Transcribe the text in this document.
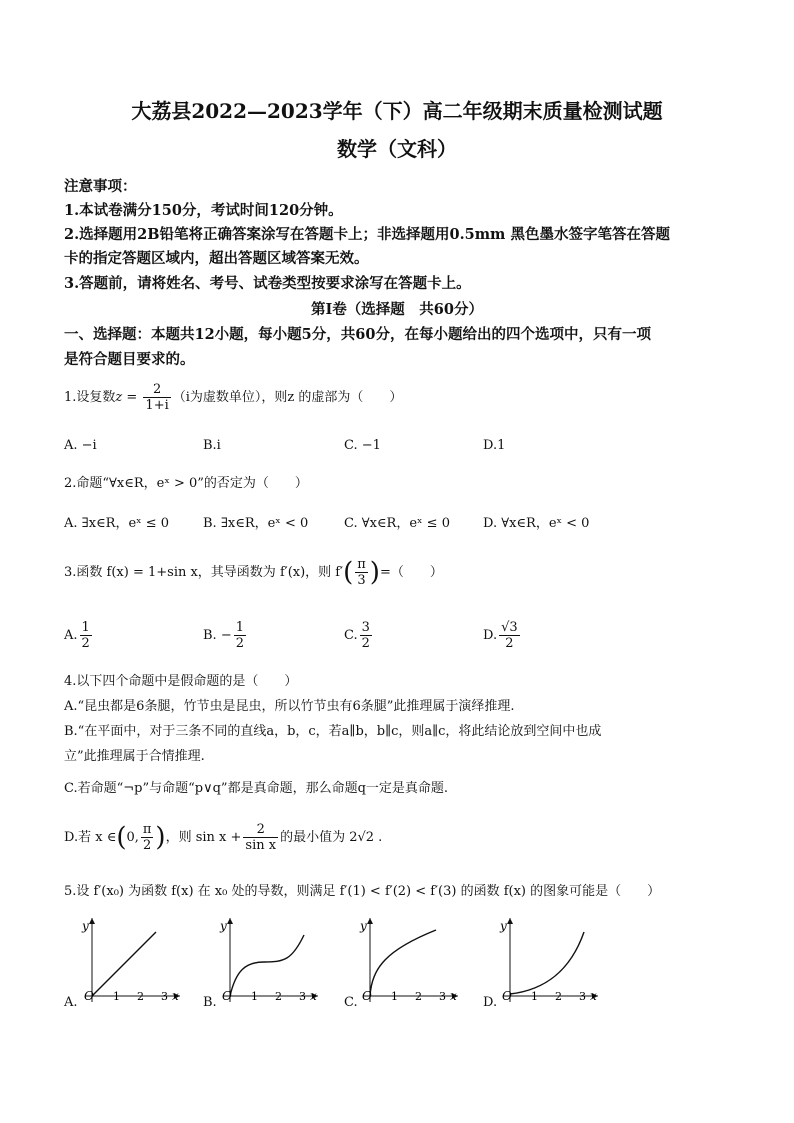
大荔县2022—2023学年（下）高二年级期末质量检测试题
数学（文科）
注意事项：
1.本试卷满分150分，考试时间120分钟。
2.选择题用2B铅笔将正确答案涂写在答题卡上；非选择题用0.5mm 黑色墨水签字笔答在答题
卡的指定答题区域内，超出答题区域答案无效。
3.答题前，请将姓名、考号、试卷类型按要求涂写在答题卡上。
第Ⅰ卷（选择题　共60分）
一、选择题：本题共12小题，每小题5分，共60分，在每小题给出的四个选项中，只有一项
是符合题目要求的。
1.设复数$z = \frac{2}{1+i} (i$为虚数单位），则z 的虚部为（　　）
A. −i	B.i	C. −1	D.1
2.命题“∀x∈R，eˣ > 0”的否定为（　　）
A. ∃x∈R，eˣ ≤ 0	B. ∃x∈R，eˣ < 0	C. ∀x∈R，eˣ ≤ 0	D. ∀x∈R，eˣ < 0
3.函数 f(x) = 1+sin x，其导函数为 f′(x)，则 $f'( \frac{\pi}{3}$ )=（　　）
A. $\frac{1}{2}$	B. − $\frac{1}{2}$	C. $\frac{3}{2}$	D. $\frac{√3}{2}$
4.以下四个命题中是假命题的是（　　）
A.“昆虫都是6条腿，竹节虫是昆虫，所以竹节虫有6条腿”此推理属于演绎推理.
B.“在平面中，对于三条不同的直线a，b，c，若a∥b，b∥c，则a∥c，将此结论放到空间中也成
立”此推理属于合情推理.
C.若命题“¬p”与命题“p∨q”都是真命题，那么命题q一定是真命题.
D.若 x ∈(0, $\frac{\pi}{2}$ )，则 $\sin x + \frac{2}{\text{sin x}}$ 的最小值为 2√2 .
5.设 f′(x₀) 为函数 f(x) 在 x₀ 处的导数，则满足 f′(1) < f′(2) < f′(3) 的函数 f(x) 的图象可能是（　　）
A.
y
O 1 2 3 x B.
y
O 1 2 3 x C.
y
O 1 2 3 x D.
y
O 1 2 3 x
